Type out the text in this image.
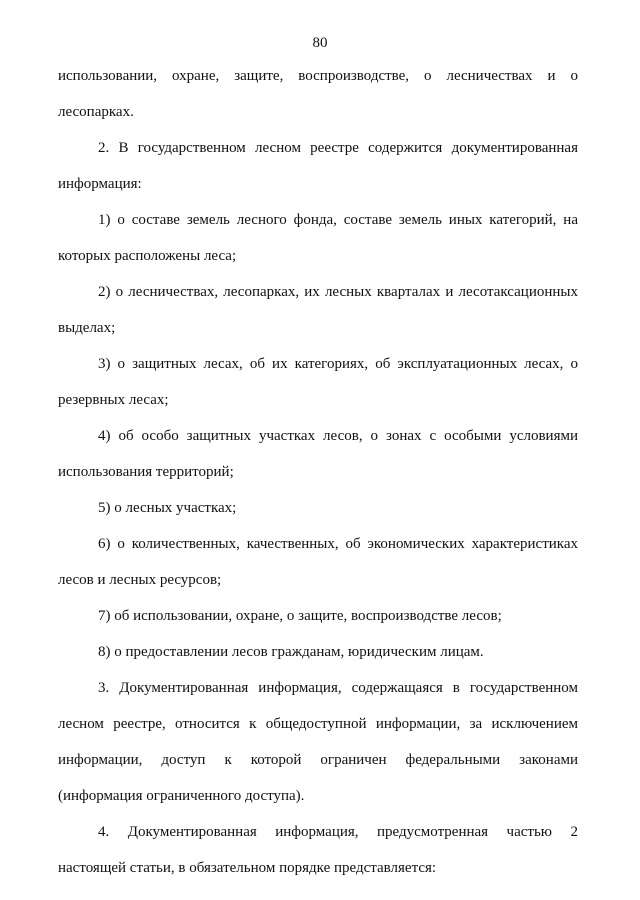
80
использовании, охране, защите, воспроизводстве, о лесничествах и о
лесопарках.
2. В государственном лесном реестре содержится документированная
информация:
1) о составе земель лесного фонда, составе земель иных категорий, на
которых расположены леса;
2) о лесничествах, лесопарках, их лесных кварталах и лесотаксационных
выделах;
3) о защитных лесах, об их категориях, об эксплуатационных лесах, о
резервных лесах;
4) об особо защитных участках лесов, о зонах с особыми условиями
использования территорий;
5) о лесных участках;
6) о количественных, качественных, об экономических характеристиках
лесов и лесных ресурсов;
7) об использовании, охране, о защите, воспроизводстве лесов;
8) о предоставлении лесов гражданам, юридическим лицам.
3. Документированная информация, содержащаяся в государственном
лесном реестре, относится к общедоступной информации, за исключением
информации, доступ к которой ограничен федеральными законами
(информация ограниченного доступа).
4. Документированная информация, предусмотренная частью 2
настоящей статьи, в обязательном порядке представляется:
